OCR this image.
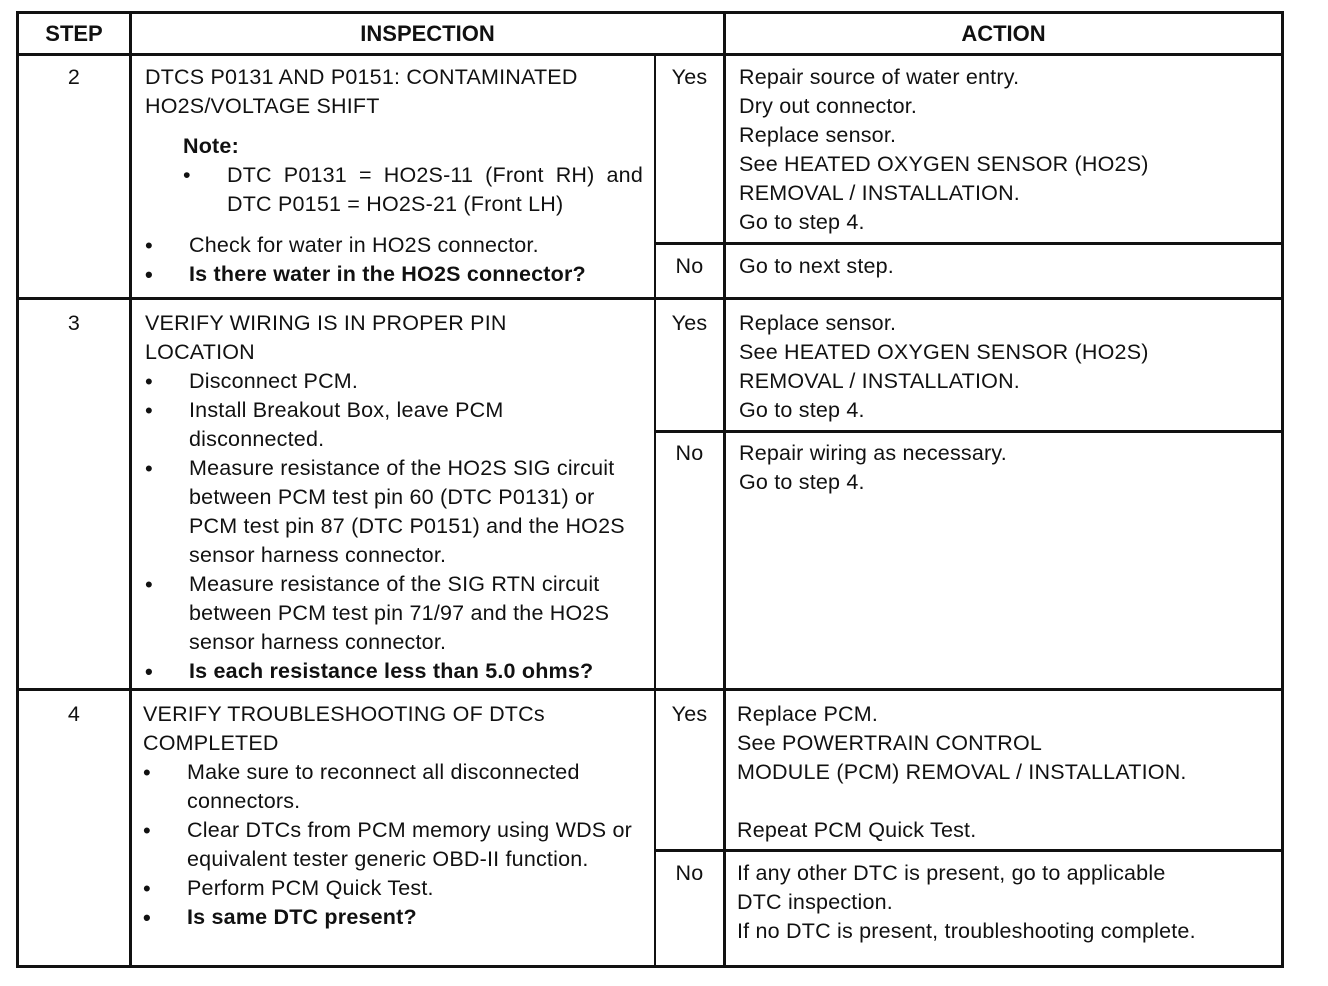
STEP	INSPECTION	ACTION
2	DTCS P0131 AND P0151: CONTAMINATED HO2S/VOLTAGE SHIFT
Note:
• DTC P0131 = HO2S-11 (Front RH) and DTC P0151 = HO2S-21 (Front LH)
• Check for water in HO2S connector.
• Is there water in the HO2S connector?
Yes	Repair source of water entry.
Dry out connector.
Replace sensor.
See HEATED OXYGEN SENSOR (HO2S)
REMOVAL / INSTALLATION.
Go to step 4.
No	Go to next step.
3	VERIFY WIRING IS IN PROPER PIN LOCATION
• Disconnect PCM.
• Install Breakout Box, leave PCM disconnected.
• Measure resistance of the HO2S SIG circuit between PCM test pin 60 (DTC P0131) or PCM test pin 87 (DTC P0151) and the HO2S sensor harness connector.
• Measure resistance of the SIG RTN circuit between PCM test pin 71/97 and the HO2S sensor harness connector.
• Is each resistance less than 5.0 ohms?
Yes	Replace sensor.
See HEATED OXYGEN SENSOR (HO2S)
REMOVAL / INSTALLATION.
Go to step 4.
No	Repair wiring as necessary.
Go to step 4.
4	VERIFY TROUBLESHOOTING OF DTCs COMPLETED
• Make sure to reconnect all disconnected connectors.
• Clear DTCs from PCM memory using WDS or equivalent tester generic OBD-II function.
• Perform PCM Quick Test.
• Is same DTC present?
Yes	Replace PCM.
See POWERTRAIN CONTROL
MODULE (PCM) REMOVAL / INSTALLATION.
Repeat PCM Quick Test.
No	If any other DTC is present, go to applicable
DTC inspection.
If no DTC is present, troubleshooting complete.
